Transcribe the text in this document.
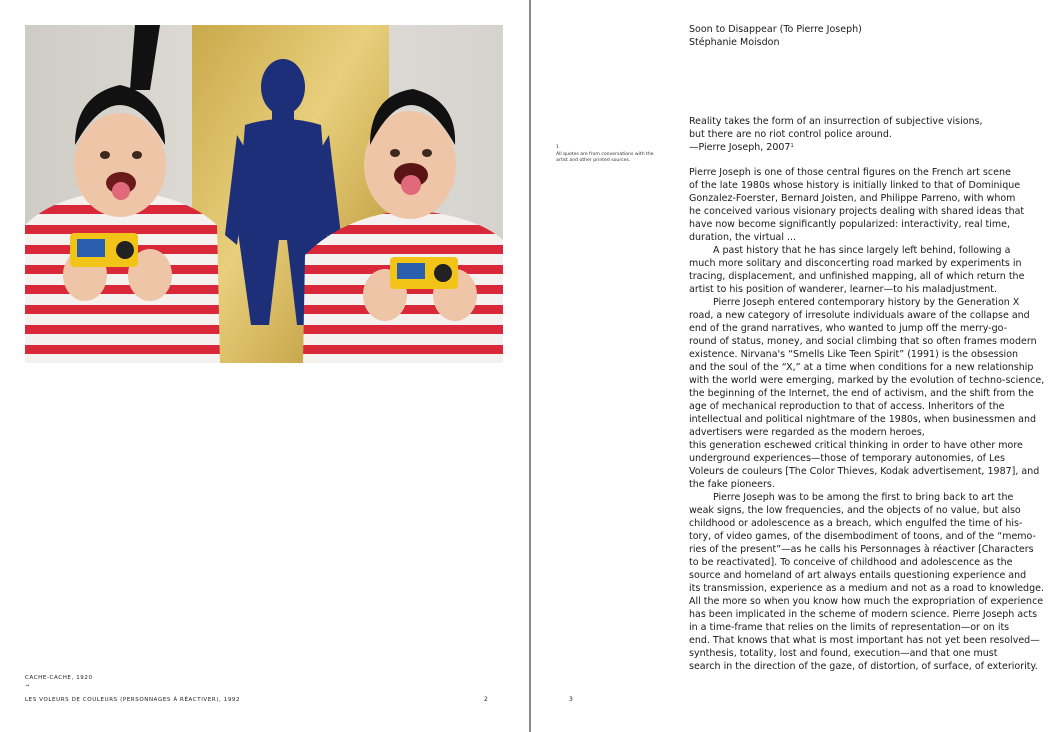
CACHE-CACHE, 1920
→
LES VOLEURS DE COULEURS (PERSONNAGES À RÉACTIVER), 1992	2
Soon to Disappear (To Pierre Joseph)
Stéphanie Moisdon
Reality takes the form of an insurrection of subjective visions,
but there are no riot control police around.
—Pierre Joseph, 2007$^1$
1
All quotes are from conversations with the artist and other printed sources.
Pierre Joseph is one of those central figures on the French art scene
of the late 1980s whose history is initially linked to that of Dominique
Gonzalez-Foerster, Bernard Joisten, and Philippe Parreno, with whom
he conceived various visionary projects dealing with shared ideas that
have now become significantly popularized: interactivity, real time,
duration, the virtual ...
A past history that he has since largely left behind, following a
much more solitary and disconcerting road marked by experiments in
tracing, displacement, and unfinished mapping, all of which return the
artist to his position of wanderer, learner—to his maladjustment.
Pierre Joseph entered contemporary history by the Generation X
road, a new category of irresolute individuals aware of the collapse and
end of the grand narratives, who wanted to jump off the merry-go-
round of status, money, and social climbing that so often frames modern
existence. Nirvana's “Smells Like Teen Spirit” (1991) is the obsession
and the soul of the “X,” at a time when conditions for a new relationship
with the world were emerging, marked by the evolution of techno-science,
the beginning of the Internet, the end of activism, and the shift from the
age of mechanical reproduction to that of access. Inheritors of the
intellectual and political nightmare of the 1980s, when businessmen and
advertisers were regarded as the modern heroes,
this generation eschewed critical thinking in order to have other more
underground experiences—those of temporary autonomies, of Les
Voleurs de couleurs [The Color Thieves, Kodak advertisement, 1987], and
the fake pioneers.
Pierre Joseph was to be among the first to bring back to art the
weak signs, the low frequencies, and the objects of no value, but also
childhood or adolescence as a breach, which engulfed the time of his-
tory, of video games, of the disembodiment of toons, and of the “memo-
ries of the present”—as he calls his Personnages à réactiver [Characters
to be reactivated]. To conceive of childhood and adolescence as the
source and homeland of art always entails questioning experience and
its transmission, experience as a medium and not as a road to knowledge.
All the more so when you know how much the expropriation of experience
has been implicated in the scheme of modern science. Pierre Joseph acts
in a time-frame that relies on the limits of representation—or on its
end. That knows that what is most important has not yet been resolved—
synthesis, totality, lost and found, execution—and that one must
search in the direction of the gaze, of distortion, of surface, of exteriority.
3
